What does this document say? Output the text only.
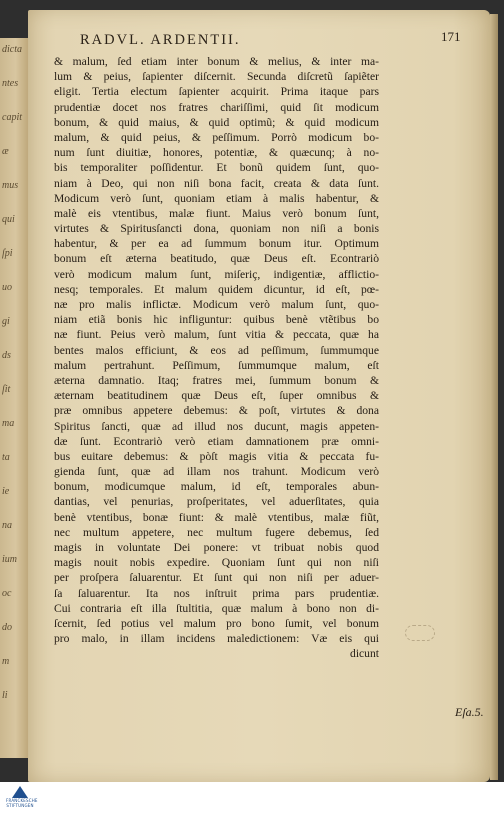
dicta
ntes
capit
æ
mus
qui
ſpi
uo
gi
ds
ſit
ma
ta
ie
na
ium
oc
do
m
li
RADVL. ARDENTII.	171
& malum, ſed etiam inter bonum & melius, & inter ma-
lum & peius, ſapienter diſcernit. Secunda diſcretũ ſapiẽter
eligit. Tertia electum ſapienter acquirit. Prima itaque pars
prudentiæ docet nos fratres chariſſimi, quid ſit modicum
bonum, & quid maius, & quid optimũ; & quid modicum
malum, & quid peius, & peſſimum. Porrò modicum bo-
num ſunt diuitiæ, honores, potentiæ, & quæcunq; à no-
bis temporaliter poſſidentur. Et bonũ quidem ſunt, quo-
niam à Deo, qui non niſi bona facit, creata & data ſunt.
Modicum verò ſunt, quoniam etiam à malis habentur, &
malè eis vtentibus, malæ fiunt. Maius verò bonum ſunt,
virtutes & Spiritusſancti dona, quoniam non niſi a bonis
habentur, & per ea ad ſummum bonum itur. Optimum
bonum eſt æterna beatitudo, quæ Deus eſt. Econtrariò
verò modicum malum ſunt, miſeriç, indigentiæ, afflictio-
nesq; temporales. Et malum quidem dicuntur, id eſt, pœ-
næ pro malis inflictæ. Modicum verò malum ſunt, quo-
niam etiã bonis hic infliguntur: quibus benè vtẽtibus bo
næ fiunt. Peius verò malum, ſunt vitia & peccata, quæ ha
bentes malos efficiunt, & eos ad peſſimum, ſummumque
malum pertrahunt. Peſſimum, ſummumque malum, eſt
æterna damnatio. Itaq; fratres mei, ſummum bonum &
æternam beatitudinem quæ Deus eſt, ſuper omnibus &
præ omnibus appetere debemus: & poſt, virtutes & dona
Spiritus ſancti, quæ ad illud nos ducunt, magis appeten-
dæ ſunt. Econtrariò verò etiam damnationem præ omni-
bus euitare debemus: & pòſt magis vitia & peccata fu-
gienda ſunt, quæ ad illam nos trahunt. Modicum verò
bonum, modicumque malum, id eſt, temporales abun-
dantias, vel penurias, proſperitates, vel aduerſitates, quia
benè vtentibus, bonæ fiunt: & malè vtentibus, malæ fiũt,
nec multum appetere, nec multum fugere debemus, ſed
magis in voluntate Dei ponere: vt tribuat nobis quod
magis nouit nobis expedire. Quoniam ſunt qui non niſi
per proſpera ſaluarentur. Et ſunt qui non niſi per aduer-
ſa ſaluarentur. Ita nos inſtruit prima pars prudentiæ.
Cui contraria eſt illa ſtultitia, quæ malum à bono non di-
ſcernit, ſed potius vel malum pro bono ſumit, vel bonum
pro malo, in illam incidens maledictionem: Væ eis qui
dicunt
Eſa.5.
FRANCKESCHE
STIFTUNGEN
